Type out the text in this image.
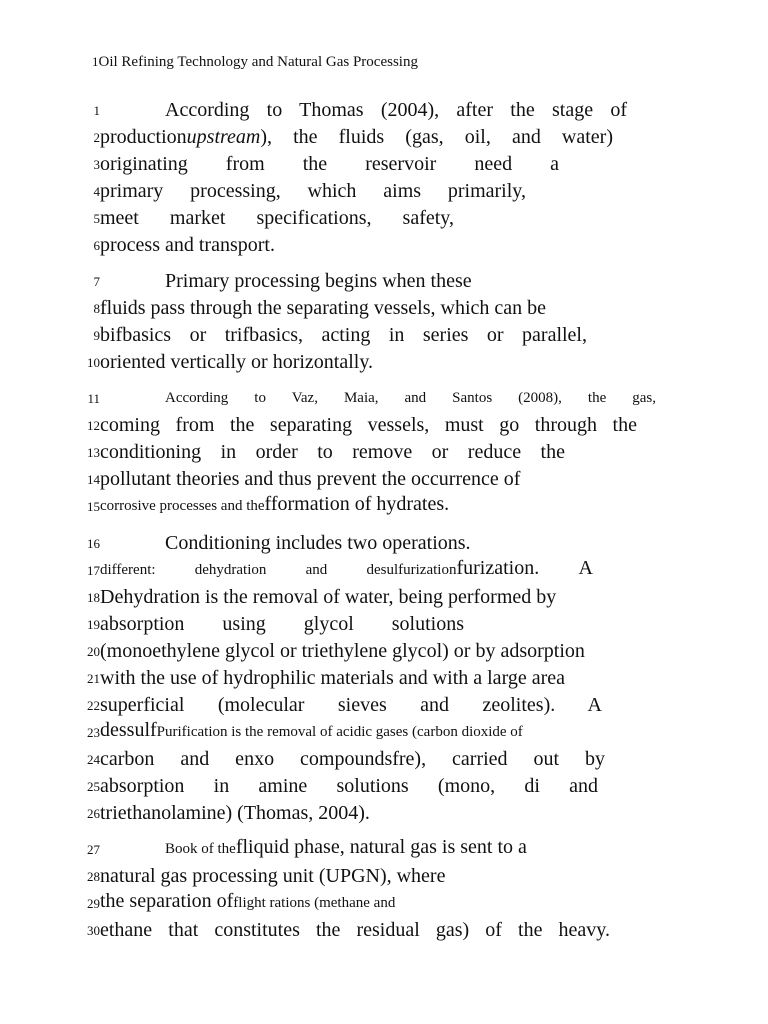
1Oil Refining Technology and Natural Gas Processing
1	According to Thomas (2004), after the stage of
2 productionupstream), the fluids (gas, oil, and water)
3 originating from the reservoir need a
4 primary processing, which aims primarily,
5 meet market specifications, safety,
6 process and transport.
7	Primary processing begins when these
8 fluids pass through the separating vessels, which can be
9 bifbasics or trifbasics, acting in series or parallel,
10 oriented vertically or horizontally.
11	According to Vaz, Maia, and Santos (2008), the gas,
12 coming from the separating vessels, must go through the
13 conditioning in order to remove or reduce the
14 pollutant theories and thus prevent the occurrence of
15 corrosive processes and thefformation of hydrates.
16	Conditioning includes two operations.
17 different: dehydration and desulfurizationfurization. A
18 Dehydration is the removal of water, being performed by
19 absorption using glycol solutions
20 (monoethylene glycol or triethylene glycol) or by adsorption
21 with the use of hydrophilic materials and with a large area
22 superficial (molecular sieves and zeolites). A
23 dessulfPurification is the removal of acidic gases (carbon dioxide of
24 carbon and enxo compoundsfre), carried out by
25 absorption in amine solutions (mono, di and
26 triethanolamine) (Thomas, 2004).
27	Book of thefliquid phase, natural gas is sent to a
28 natural gas processing unit (UPGN), where
29 the separation offlight rations (methane and
30 ethane that constitutes the residual gas) of the heavy.
